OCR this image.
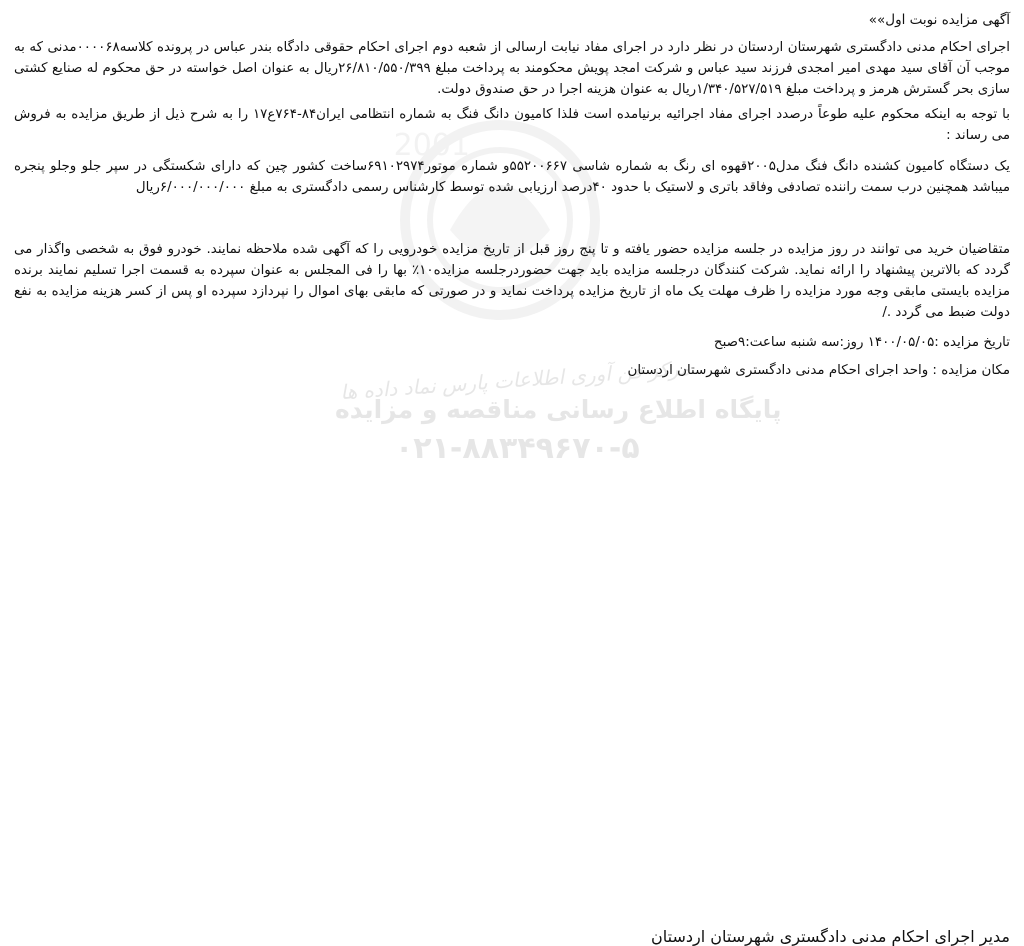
2001
مرکز فن آوری اطلاعات پارس نماد داده ها
پایگاه اطلاع رسانی مناقصه و مزایده
۰۲۱-۸۸۳۴۹۶۷۰-۵
آگهی مزایده نوبت اول»»

اجرای احکام مدنی دادگستری شهرستان اردستان در نظر دارد در اجرای مفاد نیابت ارسالی از شعبه دوم اجرای احکام حقوقی دادگاه بندر عباس در پرونده کلاسه۰۰۰۰۶۸مدنی که به موجب آن آقای سید مهدی امیر امجدی فرزند سید عباس و شرکت امجد پویش محکومند به پرداخت مبلغ ۲۶/۸۱۰/۵۵۰/۳۹۹ریال به عنوان اصل خواسته در حق محکوم له صنایع کشتی سازی بحر گسترش هرمز و پرداخت مبلغ ۱/۳۴۰/۵۲۷/۵۱۹ریال به عنوان هزینه اجرا در حق صندوق دولت.

با توجه به اینکه محکوم علیه طوعاً درصدد اجرای مفاد اجرائیه برنیامده است فلذا کامیون دانگ فنگ به شماره انتظامی ایران۸۴-۷۶۴ع۱۷ را به شرح ذیل از طریق مزایده به فروش می رساند :

یک دستگاه کامیون کشنده دانگ فنگ مدل۲۰۰۵قهوه ای رنگ به شماره شاسی ۵۵۲۰۰۶۶۷و شماره موتور۶۹۱۰۲۹۷۴ساخت کشور چین که دارای شکستگی در سپر جلو وجلو پنجره میباشد همچنین درب سمت راننده تصادفی وفاقد باتری و لاستیک با حدود ۴۰درصد ارزیابی شده توسط کارشناس رسمی دادگستری به مبلغ ۶/۰۰۰/۰۰۰/۰۰۰ریال

متقاضیان خرید می توانند در روز مزایده در جلسه مزایده حضور یافته و تا پنج روز قبل از تاریخ مزایده خودرویی را که آگهی شده ملاحظه نمایند. خودرو فوق به شخصی واگذار می گردد که بالاترین پیشنهاد را ارائه نماید. شرکت کنندگان درجلسه مزایده باید جهت حضوردرجلسه مزایده۱۰٪ بها را فی المجلس به عنوان سپرده به قسمت اجرا تسلیم نمایند برنده مزایده بایستی مابقی وجه مورد مزایده را ظرف مهلت یک ماه از تاریخ مزایده پرداخت نماید و در صورتی که مابقی بهای اموال را نپردازد سپرده او پس از کسر هزینه مزایده به نفع دولت ضبط می گردد ./

تاریخ مزایده :۱۴۰۰/۰۵/۰۵ روز:سه شنبه ساعت:۹صبح
مکان مزایده : واحد اجرای احکام مدنی دادگستری شهرستان اردستان
مدیر اجرای احکام مدنی دادگستری شهرستان اردستان
